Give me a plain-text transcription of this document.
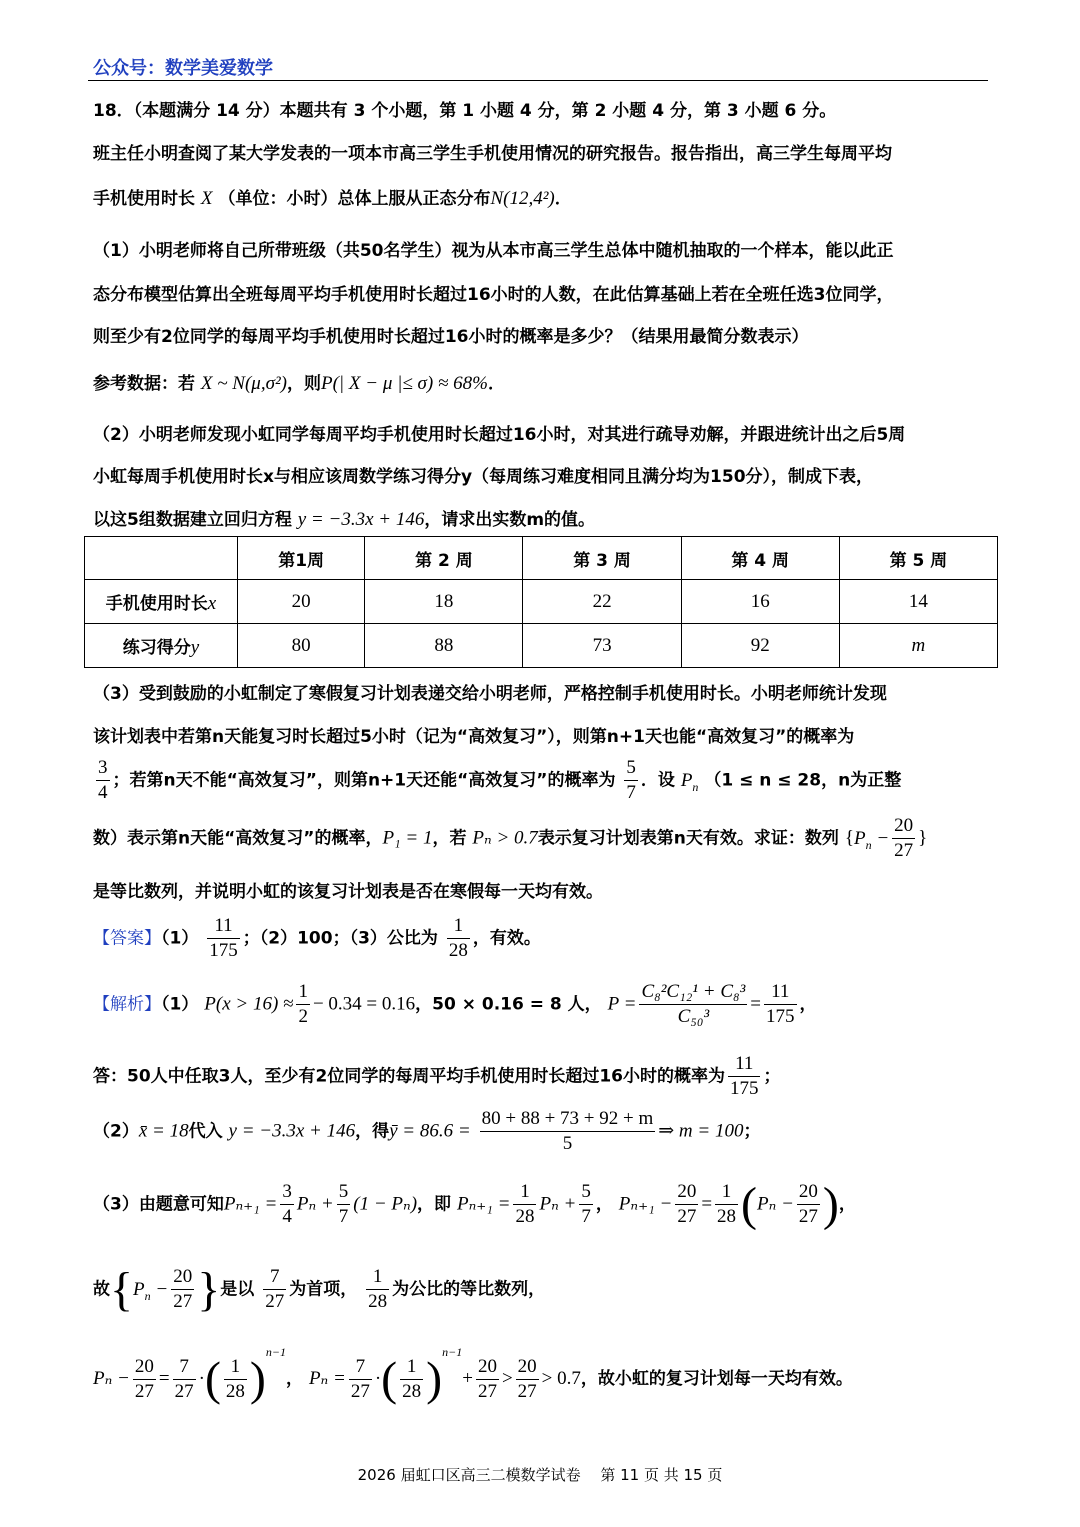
公众号：数学美爱数学
18．（本题满分 14 分）本题共有 3 个小题，第 1 小题 4 分，第 2 小题 4 分，第 3 小题 6 分。
班主任小明查阅了某大学发表的一项本市高三学生手机使用情况的研究报告。报告指出，高三学生每周平均
手机使用时长 X （单位：小时）总体上服从正态分布N(12,4²)．
（1）小明老师将自己所带班级（共50名学生）视为从本市高三学生总体中随机抽取的一个样本，能以此正
态分布模型估算出全班每周平均手机使用时长超过16小时的人数，在此估算基础上若在全班任选3位同学，
则至少有2位同学的每周平均手机使用时长超过16小时的概率是多少？（结果用最简分数表示）
参考数据：若 X ~ N(μ,σ²)，则P(| X − μ |≤ σ) ≈ 68%．
（2）小明老师发现小虹同学每周平均手机使用时长超过16小时，对其进行疏导劝解，并跟进统计出之后5周
小虹每周手机使用时长x与相应该周数学练习得分y（每周练习难度相同且满分均为150分），制成下表，
以这5组数据建立回归方程 y = −3.3x + 146，请求出实数m的值。
	第1周	第 2 周	第 3 周	第 4 周	第 5 周
手机使用时长x	20	18	22	16	14
练习得分y	80	88	73	92	m
（3）受到鼓励的小虹制定了寒假复习计划表递交给小明老师，严格控制手机使用时长。小明老师统计发现
该计划表中若第n天能复习时长超过5小时（记为“高效复习”），则第n+1天也能“高效复习”的概率为
$\frac{3}{4}$ ；若第n天不能“高效复习”，则第n+1天还能“高效复习”的概率为 $\frac{5}{7}$ ．设 $P_n$ （1 ≤ n ≤ 28，n为正整
数）表示第n天能“高效复习”的概率，P₁ = 1，若 Pₙ > 0.7表示复习计划表第n天有效。求证：数列 {$P_n - \frac{20}{27}$ }
是等比数列，并说明小虹的该复习计划表是否在寒假每一天均有效。
【答案】$(1) \frac{11}{175}$ ；（2）100；（3）公比为 $\frac{1}{28}$ ，有效。
【解析】（1） $P(x > 16) \approx \frac{1}{2} - 0.34 = 0.16$，50 × 0.16 = 8 人， $P = \frac{\text{C₈²C₁₂¹ + C₈³}}{\text{C₅₀³}} = \frac{11}{175}$ ，
答：50人中任取3人，至少有2位同学的每周平均手机使用时长超过16小时的概率为 $\frac{11}{175}$ ；
（2）x̄ = 18代入 y = −3.3x + 146，得ȳ = $86.6 = \frac{80 + 88 + 73 + 92 + m}{5}$ ⇒ m = 100；
（3）由题意可知$P_{n+1} = \frac{3}{4}$ $P_n + \frac{5}{7} (1 - P_n)$，即 $P_{n+1} = \frac{1}{28}$ $P_n + \frac{5}{7}$ ， $P_{n+1} - \frac{20}{27} = \frac{1}{28} (P_n - \frac{20}{27}$ )，
故{$P_n - \frac{20}{27}$ }是以 $\frac{7}{27}$ 为首项， $\frac{1}{28}$ 为公比的等比数列，
$P_n - \frac{20}{27} = \frac{7}{27}$ ·( $\frac{1}{28} )^{n-1}$， $P_n = \frac{7}{27}$ ·( $\frac{1}{28} )^{n-1}+ \frac{20}{27} > \frac{20}{27} > 0.7$，故小虹的复习计划每一天均有效。
2026 届虹口区高三二模数学试卷　 第 11 页 共 15 页
